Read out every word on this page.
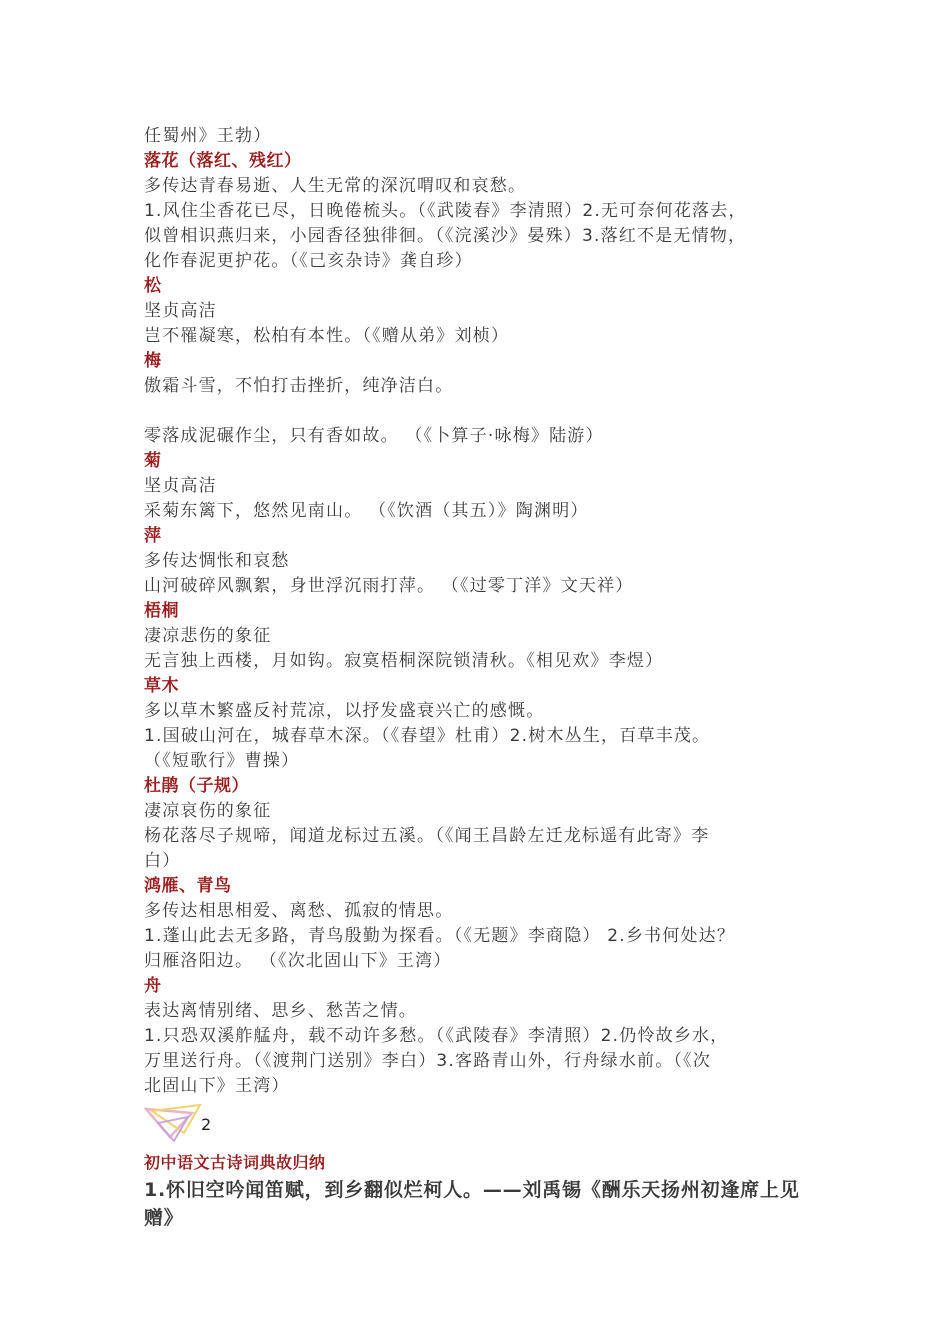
任蜀州》王勃）
落花（落红、残红）
多传达青春易逝、人生无常的深沉喟叹和哀愁。
1.风住尘香花已尽，日晚倦梳头。（《武陵春》李清照）2.无可奈何花落去，
似曾相识燕归来，小园香径独徘徊。（《浣溪沙》晏殊）3.落红不是无情物，
化作春泥更护花。（《己亥杂诗》龚自珍）
松
坚贞高洁
岂不罹凝寒，松柏有本性。（《赠从弟》刘桢）
梅
傲霜斗雪，不怕打击挫折，纯净洁白。
零落成泥碾作尘，只有香如故。 （《卜算子·咏梅》陆游）
菊
坚贞高洁
采菊东篱下，悠然见南山。 （《饮酒（其五）》陶渊明）
萍
多传达惆怅和哀愁
山河破碎风飘絮，身世浮沉雨打萍。 （《过零丁洋》文天祥）
梧桐
凄凉悲伤的象征
无言独上西楼，月如钩。寂寞梧桐深院锁清秋。《相见欢》李煜）
草木
多以草木繁盛反衬荒凉，以抒发盛衰兴亡的感慨。
1.国破山河在，城春草木深。（《春望》杜甫）2.树木丛生，百草丰茂。
（《短歌行》曹操）
杜鹃（子规）
凄凉哀伤的象征
杨花落尽子规啼，闻道龙标过五溪。（《闻王昌龄左迁龙标遥有此寄》李
白）
鸿雁、青鸟
多传达相思相爱、离愁、孤寂的情思。
1.蓬山此去无多路，青鸟殷勤为探看。（《无题》李商隐） 2.乡书何处达？
归雁洛阳边。 （《次北固山下》王湾）
舟
表达离情别绪、思乡、愁苦之情。
1.只恐双溪舴艋舟，载不动许多愁。（《武陵春》李清照）2.仍怜故乡水，
万里送行舟。（《渡荆门送别》李白）3.客路青山外，行舟绿水前。（《次
北固山下》王湾）
2
初中语文古诗词典故归纳
1.怀旧空吟闻笛赋，到乡翻似烂柯人。——刘禹锡《酬乐天扬州初逢席上见
赠》
